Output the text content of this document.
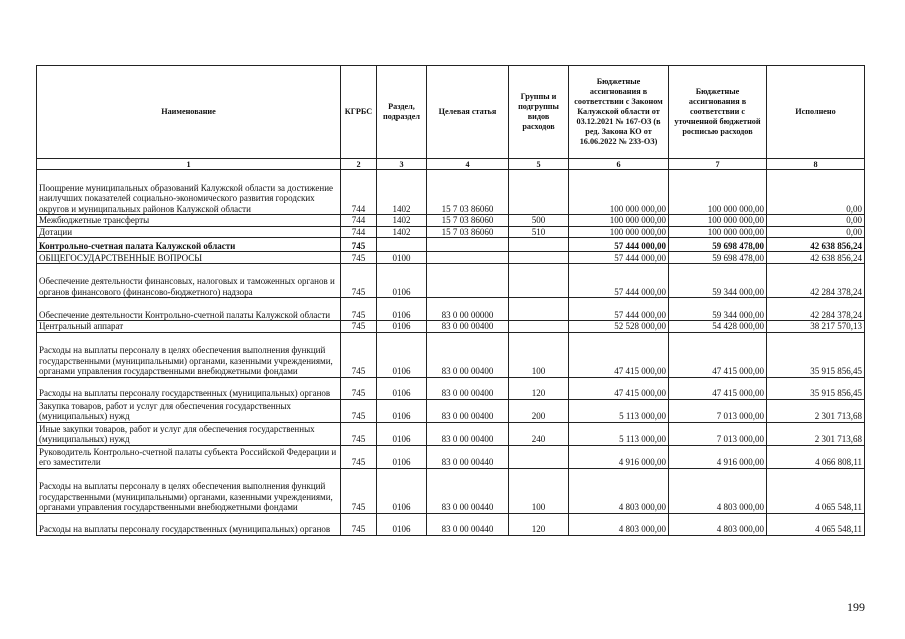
Наименование	КГРБС	Раздел, подраздел	Целевая статья	Группы и подгруппы видов расходов	Бюджетные ассигнования в соответствии с Законом Калужской области от 03.12.2021 № 167-ОЗ (в ред. Закона КО от 16.06.2022 № 233-ОЗ)	Бюджетные ассигнования в соответствии с уточненной бюджетной росписью расходов	Исполнено
1	2	3	4	5	6	7	8
Поощрение муниципальных образований Калужской области за достижение наилучших показателей социально-экономического развития городских округов и муниципальных районов Калужской области	744	1402	15 7 03 86060		100 000 000,00	100 000 000,00	0,00
Межбюджетные трансферты	744	1402	15 7 03 86060	500	100 000 000,00	100 000 000,00	0,00
Дотации	744	1402	15 7 03 86060	510	100 000 000,00	100 000 000,00	0,00
Контрольно-счетная палата Калужской области	745				57 444 000,00	59 698 478,00	42 638 856,24
ОБЩЕГОСУДАРСТВЕННЫЕ ВОПРОСЫ	745	0100			57 444 000,00	59 698 478,00	42 638 856,24
Обеспечение деятельности финансовых, налоговых и таможенных органов и органов финансового (финансово-бюджетного) надзора	745	0106			57 444 000,00	59 344 000,00	42 284 378,24
Обеспечение деятельности Контрольно-счетной палаты Калужской области	745	0106	83 0 00 00000		57 444 000,00	59 344 000,00	42 284 378,24
Центральный аппарат	745	0106	83 0 00 00400		52 528 000,00	54 428 000,00	38 217 570,13
Расходы на выплаты персоналу в целях обеспечения выполнения функций государственными (муниципальными) органами, казенными учреждениями, органами управления государственными внебюджетными фондами	745	0106	83 0 00 00400	100	47 415 000,00	47 415 000,00	35 915 856,45
Расходы на выплаты персоналу государственных (муниципальных) органов	745	0106	83 0 00 00400	120	47 415 000,00	47 415 000,00	35 915 856,45
Закупка товаров, работ и услуг для обеспечения государственных (муниципальных) нужд	745	0106	83 0 00 00400	200	5 113 000,00	7 013 000,00	2 301 713,68
Иные закупки товаров, работ и услуг для обеспечения государственных (муниципальных) нужд	745	0106	83 0 00 00400	240	5 113 000,00	7 013 000,00	2 301 713,68
Руководитель Контрольно-счетной палаты субъекта Российской Федерации и его заместители	745	0106	83 0 00 00440		4 916 000,00	4 916 000,00	4 066 808,11
Расходы на выплаты персоналу в целях обеспечения выполнения функций государственными (муниципальными) органами, казенными учреждениями, органами управления государственными внебюджетными фондами	745	0106	83 0 00 00440	100	4 803 000,00	4 803 000,00	4 065 548,11
Расходы на выплаты персоналу государственных (муниципальных) органов	745	0106	83 0 00 00440	120	4 803 000,00	4 803 000,00	4 065 548,11
199
